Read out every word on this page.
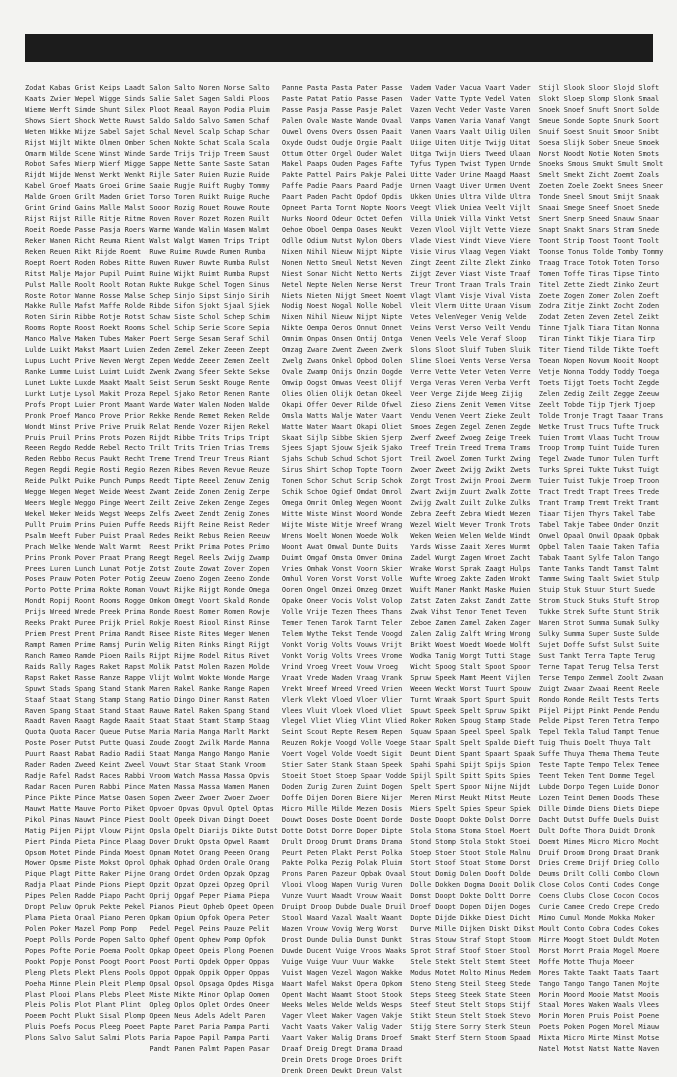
Zodat Kabas Grist Keips Laadt
Kaats Zwier Wepel Wigge Sinds
Wieme Werft Simde Shunt Silex
Shows Siert Shock Wette Ruwst
Weten Wikke Wijze Sabel Sajet
Rijst Wijlt Wikte Olmen Omber
Omarm Wilde Scene Winst Winde
Robot Safes Wierp Wierf Migge
Rijdt Wijde Wenst Werkt Wenkt
Kabel Groef Maats Groei Grime
Malde Groen Grilt Maden Griet
Grint Grind Gains Malle Malst
Rijst Rijst Rille Ritje Ritme
Roeit Roede Passe Pasja Roers
Reker Wanen Richt Reuma Rient
Reken Reuen Rikt Rijde Roemt
Roept Roert Roden Robes Ritte
Ritst Malje Major Pupil Puimt
Pulst Malle Roolt Roolt Rotan
Roste Rotor Wanne Rosse Malse
Makke Rulle Mafst Maffe Rolde
Roten Sirin Ribbe Rotje Rotst
Rooms Ropte Roost Roekt Rooms
Manco Malve Maken Tubes Maker
Lulde Luikt Makst Maart Luien
Lupus Lucht Prive Neven Wergt
Ranke Lumme Luist Luimt Luidt
Lunet Lukte Luxde Maakt Maalt
Lurkt Lutje Lysol Makit Proza
Profs Propt Luier Pront Maant
Pronk Proef Manco Prove Prior
Wondt Winst Prive Prive Pruik
Pruis Pruil Prins Prots Pozen
Reeen Regdo Redde Rebel Recto
Reden Rebbo Recus Paukt Recht
Regen Regdi Regie Rosti Regio
Reide Pulkt Puike Punch Pumps
Wegge Wegen Weget Weide Weest
Weers Wegle Weggo Pinge Weert
Wekel Weker Weids Wegst Weeps
Pullt Pruim Prins Puien Puffe
Psalm Weeft Fuber Puist Praal
Prach Welke Wende Walt Warmt
Prins Pronk Pover Praat Prang
Prees Luren Lunch Lunat Potje
Poses Prauw Poten Poter Potig
Porto Potte Prima Rokte Roman
Mondt Ropij Roont Rooms Rogge
Prijs Wreed Wrede Preek Prima
Reeks Prakt Puree Prijk Priel
Priem Prest Prent Prima Randt
Rampt Ramen Prime Ramsj Purin
Ranch Rameo Ramde Pioen Rails
Raids Rally Rages Raket Rapst
Rapst Raket Rasse Ranze Rappe
Spuwt Stads Spang Stand Stank
Staaf Staat Stang Stamp Stang
Raven Spang Staat Stand Staat
Raadt Raven Raagt Ragde Raait
Quota Quota Racer Queue Putse
Poste Poser Putst Putte Quasi
Puurt Raast Rabat Radio Radii
Rader Raden Zweed Keint Zweel
Radje Rafel Radst Races Rabbi
Radar Racen Puren Rabbi Pince
Pince Pikte Pince Matse Oasen
Mauwt Matte Mauve Porto Piket
Pikol Pinas Nauwt Pince Piest
Matig Pijen Pijpt Vlouw Pijnt
Piert Pinda Pieta Pince Plaag
Opsom Motet Pinde Pinda Moest
Mower Opsme Piste Mokst Oprol
Pique Plagt Pitte Raker Pijne
Radja Plaat Pinde Pions Piept
Pipes Pelen Radde Piapo Pacht
Dropt Peluw Opruk Pekte Pekel
Plama Pieta Oraal Piano Peren
Polen Poker Mazel Pomp Pomp
Poept Polls Porde Popen Salto
Popes Pofte Porie Poema Poolt
Pookt Popje Ponst Poogt Poort
Pleng Plets Plekt Plens Pools
Poeha Minne Plein Pleit Plemp
Plast Plooi Plans Plebs Pleet
Pleis Polis Plot Plant Plint
Poeem Pocht Plukt Sisal Plomp
Pluis Poefs Pocus Pleeg Poeet
Plons Salvo Salut Salmi Plots
Salon Salto Noren Norse Salto
Salie Salet Sagen Saldi Ploos
Ploot Reaal Rayon Podia Pluim
Saldo Saldo Salvo Samen Schaf
Schal Nevel Scalp Schap Schar
Schen Nokte Schat Scala Scala
Sarde Trijs Trijp Treem Saust
Sappe Nette Sante Saste Satan
Rijle Sater Ruien Ruzie Ruide
Saaie Rugje Ruift Rugby Tommy
Torso Toren Ruikt Ruige Ruche
Sooor Rozig Rouet Rouwe Route
Roven Rover Rozet Rozen Ruilt
Warme Wande Walin Wasem Walmt
Walst Walgt Wamen Trips Tript
Ruwe Ruime Ruwde Rumen Rumba
Ruwen Ruwer Ruwte Rumba Rulst
Ruine Wijkt Ruimt Rumba Rupst
Rukte Rukge Schel Togen Sinus
Schep Sinjo Sipst Sinjo Sirih
Ribde Sifon Sjokt Sjaal Sjiek
Schaw Siste Schol Schep Schim
Schel Schip Serie Score Sepia
Poert Serge Sesam Seraf Schil
Zeden Zemel Zeker Zeeen Zeept
Zepen Wedde Zeeer Zemen Zeelt
Zwenk Zwang Sfeer Sekte Sekse
Seist Serum Seskt Rouge Rente
Repel Sjako Retor Renen Rante
Warde Water Walen Noden Walde
Rekke Rende Remet Reken Relde
Relat Rende Vozer Rijen Rekel
Rijdt Ribbe Trits Trips Tript
Trilt Trits Trien Trias Trems
Treme Trend Treur Treus Riant
Rezen Ribes Reven Revue Reuze
Reedt Tipte Reeel Zenuw Zenig
Zwamt Zeide Zonen Zenig Zerpe
Zeilt Zeive Zeken Zenge Zeges
Zelfs Zweet Zendt Zenig Zones
Reeds Rijft Reine Reist Reder
Redes Reikt Rebus Reien Reeuw
Reest Prikt Prima Potes Primo
Reegt Regel Reels Zwijg Zwamp
Zotst Zoute Zowat Zover Zopen
Zeeuw Zoeno Zogen Zeeno Zonde
Vouwt Rijke Rijgt Ronde Omega
Omkom Omegt Voort Skald Ronde
Ronde Roest Romer Romen Rowje
Rokje Roest Riool Rinst Rinse
Risee Riste Rites Weger Wenen
Welig Riten Rinks Ringt Rijgt
Rijpt Rijme Rodel Ritus Rivet
Molik Patst Molen Razen Molde
Vlijt Wolmt Wokte Wonde Marge
Maren Rakel Ranke Range Rapen
Ratio Dingo Diner Ranst Raten
Rauwe Ratel Raken Spang Stand
Staat Staat Stamt Stamp Staag
Maria Maria Manga Marlt Markt
Zoude Zoogt Zwilk Marde Manna
Staat Manga Mango Mango Manie
Vouwt Star Staat Stank Vroom
Vroom Watch Massa Massa Opvis
Maten Massa Massa Wamen Manen
Sopen Zweer Zwoer Zwoer Zwoer
Opvoer Opvas Opvul Optel Optas
Doolt Opeek Divan Dingt Doeet
Opsla Opelt Diarijs Dikte Dutst
Dover Drukt Opsta Opwel Raamt
Opnam Motet Orang Peeen Orang
Ophak Ophad Orden Orale Orang
Orang Ordet Orden Opzak Opzag
Opzit Opzat Opzei Opzeg Opril
Oprij Opgaf Peper Piama Piepa
Pianos Pieut Opheb Opeet Opeen
Opkam Opium Opfok Opera Peter
Pedel Pegel Peins Pauze Pelit
Ophef Opent Ophew Pomp Opfok
Opkap Opeet Opeis Plong Poenen
Poost Porti Opdek Opper Oppas
Oppot Oppak Oppik Opper Oppas
Opsal Opsol Opsaga Opdes Misga
Miste Mikte Minor Oplap Oomen
Opleg Oplos Oplet Ordes Oneer
Opeen Neus Adels Adelt Paren
Papte Paret Paria Pampa Parti
Paria Papoe Papil Pampa Parti
Pandt Panen Palmt Papen Pasar
Panne Pasta Pasta Pater Passe
Paste Patat Patio Passe Pasen
Passe Pasja Passe Pasje Palet
Palen Ovale Waste Wande Ovaal
Ouwel Ovens Overs Ossen Paait
Oxyde Oudst Oudje Orgie Paalt
Ottum Otter Orgel Ouder Walet
Makel Paaps Ouden Pages Fafte
Pakte Pattel Pairs Pakje Palei
Paffe Padie Paars Paard Padje
Paart Paden Pacht Opdof Opdis
Opneet Parta Tornt Nopte Noors
Nurks Noord Odeur Octet Oefen
Oehoe Oboel Oempa Oases Neukt
Odlle Odium Nutst Nylon Obers
Nixen Nihil Nieuw Nijpt Nipte
Nonen Netto Smeul Netst Neven
Niest Sonar Nicht Netto Nerts
Netel Nepte Nelen Nerse Nerst
Niets Nieten Nijgt Smeet Noemt
Nodig Noest Nogal Nolle Nobel
Nixen Nihil Nieuw Nijpt Nipte
Nikte Oempa Oeros Onnut Onnet
Omnim Onpas Onsen Ontij Ontga
Omzag Zware Zwent Zween Zwerk
Zwelg Zwans Onkel Opbod Oolen
Ovale Zwamp Onijs Onzin Oogde
Omwip Oogst Omwas Veest Olijf
Olies Olien Olijk Oetan Okeel
Okapi Offer Oever Rilde Ofwel
Omsla Watts Walje Water Vaart
Watte Water Waart Okapi Oliet
Skaat Sijlp Sibbe Skien Sjerp
Sjees Sjapt Sjouw Sjeik Sjako
Sjahs Schub Schud Schot Sjort
Sirus Shirt Schop Topte Toorn
Tonen Schor Schut Scrip Schok
Schik Schoe Ogief Omdat Omrol
Omega Omrit Omleg Wegen Woont
Witte Wiste Winst Woord Wonde
Wijte Wiste Witje Wreef Wrang
Wrens Woelt Wonen Woede Wolk
Woont Awat Omwal Dunte Duits
Duimt Omgaf Omsta Omver Omina
Vries Omhak Vonst Voorn Skier
Omhul Voren Vorst Vorst Volle
Ooren Ongel Omzei Omzeg Omzet
Opake Oneer Vocis Volst Volop
Volle Vrije Tezen Thees Thans
Temer Tenen Tarok Tarnt Teler
Telem Wythe Tekst Tende Voogd
Vonkt Vorig Volts Vouws Vrijt
Vonkt Vorig Volts Vrees Vrome
Vrind Vroeg Vreet Vouw Vroeg
Vraat Vrede Waden Vraag Vrank
Vrekt Wreef Wreed Vreed Vrien
Vlerk Vlekt Vloed Vloer Vlier
Vlees Vluit Vloek Vloed Vliet
Vlegel Vliet Vlieg Vlint Vlied
Seint Scout Repte Resem Repen
Reuzen Rokje Voogd Volle Voege
Voert Vogel Volde Voedt Sigit
Stier Sater Stank Staan Speek
Stoeit Stoet Stoep Spaar Vodde
Doden Zurig Zuren Zuint Dogen
Doffe Dijen Doren Biere Nijer
Micro Mille Milde Mezen Dosis
Douwt Doses Doste Doent Dorde
Dotte Dotst Dorre Doper Dipte
Drult Droog Drumt Drams Drama
Peurt Peten Plakt Perst Polka
Pakte Polka Pezig Polak Pluim
Prons Paren Pazeur Opbak Ovaal
Vlooi Vloog Wapen Vurig Vuren
Vunze Vuurt Waadt Vrouw Waait
Druipt Droop Dubde Duale Druil
Stool Waard Vazal Waalt Waant
Wazen Vrouw Vovig Werg Worst
Drost Dunde Dulia Dunst Dunkt
Duwde Ducent Vuige Vroos Waaks
Vuige Vuige Vuur Vuur Wakke
Vuist Wagen Vezel Wagon Wakke
Waart Wafel Wakst Opera Opkom
Opent Wacht Waamt Stoot Stook
Weeks Weles Welde Welds Wesps
Vager Vleet Waker Vagen Vakje
Vacht Vaats Vaker Valig Vader
Vaart Vaker Walig Drams Droef
Draaf Dreig Dregt Drama Draad
Drein Drets Droge Droes Drift
Drenk Dreen Dewkt Dreun Valst
Vadem Vader Vacua Vaart Vader
Vader Vatte Typte Vedel Vaten
Vazen Vecht Veder Vaste Varen
Vamps Vamen Varia Vanaf Vangt
Vanen Vaars Vaalt Uilig Uilen
Uiige Uiten Uitje Twijg Uitat
Uitga Twijn Uiers Tweed Ulaan
Tyfus Typen Twist Typen Urnde
Uitte Vader Urine Maagd Maast
Urnen Vaagt Uiver Urmen Uvent
Ukken Unies Ultra Vilde Ultra
Veegt Vliek Uniea Veelt Vijlt
Villa Uniek Villa Vinkt Vetst
Vezen Vlool Vijlt Vette Vieze
Vlade Viest Vindt Vieve Viere
Visie Virus Vlaag Vegen Viakt
Zingt Zeent Zilte Zlekt Zinko
Zijgt Zever Viast Viste Traaf
Treur Tront Traan Trals Train
Vlagt Vlamt Visje Vival Vista
Vleit Vlerm Uitte Uraan Visum
Vetes VelenVeger Venig Velde
Veins Verst Verso Veilt Vendu
Venen Veels Vele Veraf Sloop
Slons Sloot Sluif Tuben Sluik
Slime Sloei Vents Verse Versa
Verre Vette Veter Veten Verre
Verga Veras Veren Verba Verft
Veer Verge Zijde Weeg Zijig
Zieso Ziens Zenit Vemen Vitse
Vendu Venen Veert Zieke Zeult
Smoes Zegen Zegel Zenen Zegde
Zwerf Zweef Zwoeg Zeige Treek
Treef Trein Treed Trema Trams
Treil Zwoel Zomen Turkt Zwing
Zwoer Zweet Zwijg Zwikt Zwets
Zorgt Trost Zwijn Prooi Zwerm
Zwart Zwijm Zuurt Zwalk Zotte
Zwijg Zwalt Zuilt Zulke Zulks
Zebra Zeeft Zebra Wiedt Wezen
Wezel Wielt Wever Tronk Trots
Weken Weien Welen Welde Windt
Yards Wisse Zaait Xeres Wurmt
Zadel Wurgt Zagen Wroet Zacht
Wrake Worst Sprak Zaagt Hulps
Wufte Wroeg Zakte Zaden Wrokt
Wuift Maner Mankt Maske Muien
Zatst Zaten Zakst Zandt Zatte
Zwak Vihst Tenor Tenet Teven
Zeboe Zamen Zamel Zaken Zager
Zalen Zalig Zalft Wring Wrong
Brikt Woest Woedt Woede Wolft
Wodka Tanig Worgt Tutti Stage
Wicht Spoog Stalt Spoot Spoor
Spruw Speek Mamt Meent Vijlen
Weeen Weckt Worst Tuurt Spouw
Turnt Wraak Sport Spurt Spuit
Spuwt Speek Spelt Spruw Spikt
Roker Roken Spoug Stamp Stade
Squaw Spaan Speel Speel Spalk
Staar Spalt Spelt Spalde Dieft
Deunt Dient Spant Spaart Spaak
Spahi Spahi Spijt Spijs Spion
Spijl Spilt Spitt Spits Spies
Spelt Spert Spoor Nijne Nijdt
Meren Mirst Meukt Mitst Meute
Miers Spelt Spies Speur Spiek
Doste Doopt Dokte Dolst Dorre
Stola Stoma Stoma Stoel Moert
Stond Stomp Stola Stokt Stoei
Stoep Stoer Stoot Stole Malnu
Stort Stoof Stoat Stome Dorst
Stout Domig Dolen Dooft Dolde
Dolle Dokken Dogma Dooit Dolik
Domst Doopt Dokte Doltt Dorre
Droef Doopt Dopen Dijen Doges
Dopte Dijde Dikke Diest Dicht
Durve Mille Dijken Diskt Dikst
Stras Stouw Straf Stopt Stoom
Sprot Straf Stoof Stoer Stool
Stele Stekt Stelt Stemt Steet
Modus Motet Molto Minus Medem
Steno Steng Steil Steeg Stede
Steps Steeg Steek State Steen
Steef Steut Stelt Stops Stijf
Stikt Steun Stelt Stoek Stevo
Stijg Stere Sorry Sterk Steun
Smakt Sterf Stern Stoom Spaad
Stijl Slook Sloor Slojd Sloft
Slokt Sloep Slomp Slonk Smaal
Snoek Snoef Snuft Snort Solde
Smeue Sonde Sopte Snurk Soort
Snuif Soest Snuit Smoor Snibt
Soesa Slijk Sober Sneue Smoek
Norst Noodt Notie Noten Smots
Snoeks Smous Smukt Smult Smolt
Smelt Smekt Zicht Zoemt Zoals
Zoeten Zoele Zoekt Snees Sneer
Tonde Sneel Smout Smijt Snaak
Snaai Smege Sneef Snoet Snede
Snert Snerp Sneed Snauw Snaar
Snapt Snakt Snars Stram Snede
Toont Strip Toost Toont Toolt
Toonse Tonus Tolde Tomby Tommy
Traag Trace Totok Toten Torso
Tomen Toffe Tiras Tipse Tinto
Titel Zette Ziedt Zinko Zeurt
Zoete Zogen Zomer Zolen Zoeft
Zodra Zitje Zinkt Zocht Zoden
Zodat Zeten Zeven Zetel Zeikt
Tinne Tjalk Tiara Titan Nonna
Tiran Tinkt Tikje Tiara Tirp
Titer Tiend Tilde Tikte Toeft
Toean Nopen Novum Nooit Noopt
Vetje Nonna Toddy Toddy Toega
Toets Tijgt Toets Tocht Zegde
Zelen Zedig Zeilt Zegge Zeeuw
Zeelt Tobde Tijp Tjerk Tjoep
Tolde Tronje Tragt Taaar Trans
Wetke Trust Trucs Tufte Truck
Tuien Tromt Vlaas Tucht Trouw
Troop Tromp Tuint Tuide Turen
Tegel Zwade Tumor Tulen Turft
Turks Sprei Tukte Tukst Tuigt
Tuier Tuist Tukje Troep Troon
Tract Tredt Trapt Trees Trede
Trant Tramp Tremt Trekt Tramt
Tiaar Tijen Thyrs Takel Tabe
Tabel Takje Tabee Onder Onzit
Onwel Opaal Onwil Opaak Opbak
Opbel Talen Taaie Taken Tafia
Tabak Taant Sylfe Talon Tango
Tante Tanks Tandt Tamst Talmt
Tamme Swing Taalt Swiet Stulp
Stuip Stuk Stuur Sturt Suede
Strom Stuck Stuks Stuft Strop
Tukke Strek Sufte Stunt Strik
Waren Strot Summa Sumak Sulky
Sulky Summa Super Suste Sulde
Sujet Doffe Sufst Sulst Suite
Sust Tankt Terra Tapte Terug
Terne Tapat Terug Telsa Terst
Terse Tempo Zemmel Zoolt Zwaan
Zuigt Zwaar Zwaai Reent Reele
Rondo Ronde Reilt Tests Terts
Pijel Pijpt Pinkt Pende Pendu
Pelde Pipst Teren Tetra Tempo
Tepel Tekla Talud Tampt Tenue
Tuig Thuis Doelt Thuya Talt
Suffe Thuya Thema Thema Teute
Teste Tapte Tempo Telex Temee
Teent Teken Tent Domme Tegel
Lubde Dorpo Tegen Luide Donor
Lozen Teint Demen Doods These
Dille Dimde Diens Diets Diepe
Dacht Dutst Duffe Duels Duist
Dult Dofte Thora Duidt Dronk
Doemt Mimes Micro Micro Mocht
Druif Droom Drong Draat Drank
Dries Creme Drijf Drieg Collo
Deums Drilt Colli Combo Clown
Close Colos Conti Codes Conge
Coens Clubs Close Cocon Cocos
Curie Camee Credo Crepe Credo
Mimo Cumul Monde Mokka Moker
Moult Conto Cobra Codes Cokes
Mirre Moogt Stoet Duldt Moten
Morst Morrt Praia Mogel Moere
Moffe Motte Thuja Moeer
Mores Takte Taakt Taats Taart
Tango Tango Tango Tanen Mojte
Morin Moord Mooie Matst Moois
Staal Mores Waken Waals Vlees
Morin Moren Pruis Poist Poene
Poets Poken Pogen Morel Miauw
Mixta Micro Mirte Minst Motse
Natel Motst Natst Natte Naven
